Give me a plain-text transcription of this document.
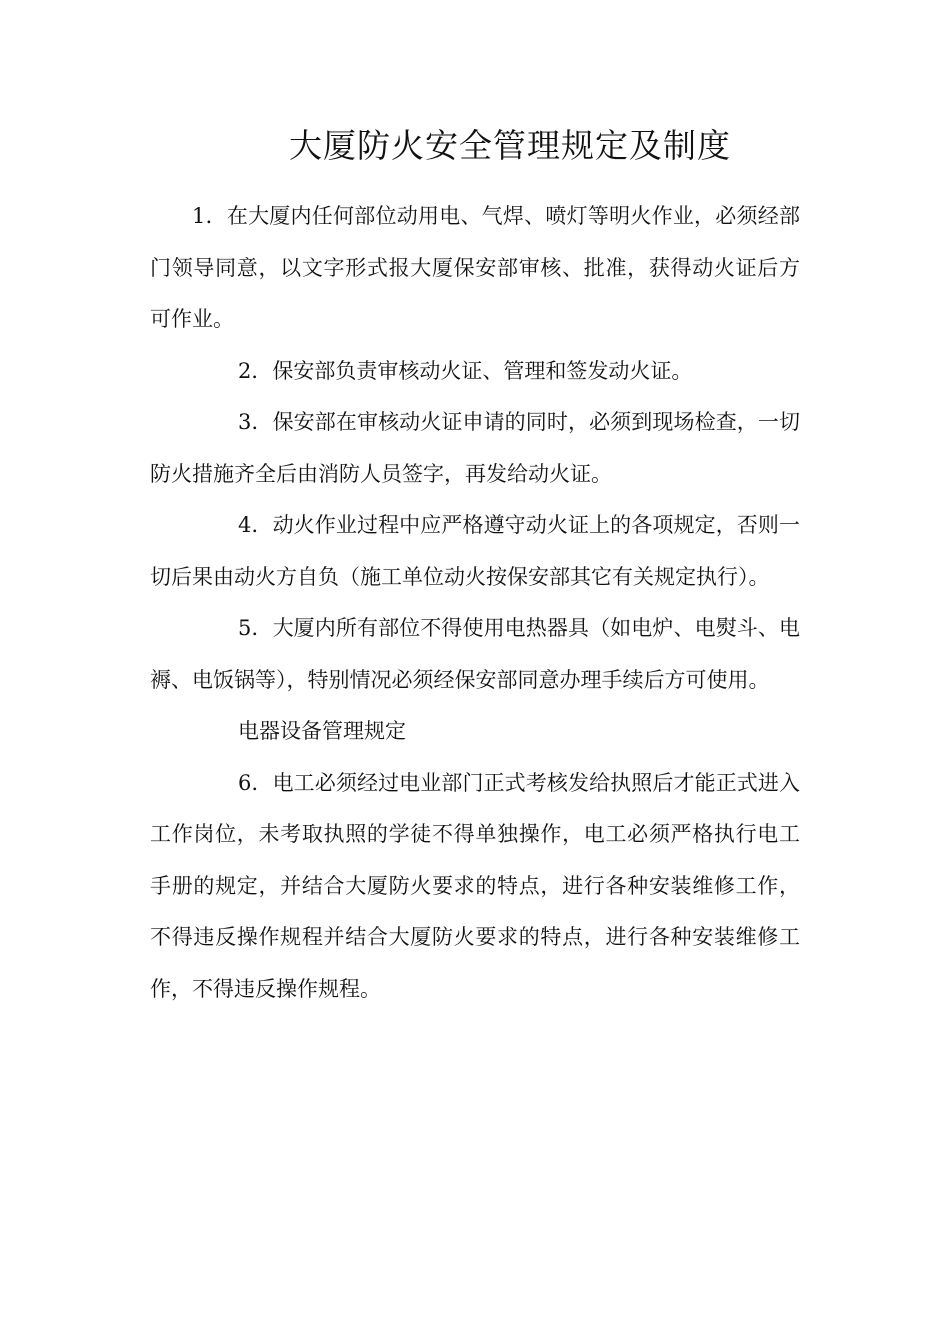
大厦防火安全管理规定及制度

1．在大厦内任何部位动用电、气焊、喷灯等明火作业，必须经部门领导同意，以文字形式报大厦保安部审核、批准，获得动火证后方可作业。

2．保安部负责审核动火证、管理和签发动火证。

3．保安部在审核动火证申请的同时，必须到现场检查，一切防火措施齐全后由消防人员签字，再发给动火证。

4．动火作业过程中应严格遵守动火证上的各项规定，否则一切后果由动火方自负（施工单位动火按保安部其它有关规定执行）。

5．大厦内所有部位不得使用电热器具（如电炉、电熨斗、电褥、电饭锅等），特别情况必须经保安部同意办理手续后方可使用。

电器设备管理规定

6．电工必须经过电业部门正式考核发给执照后才能正式进入工作岗位，未考取执照的学徒不得单独操作，电工必须严格执行电工手册的规定，并结合大厦防火要求的特点，进行各种安装维修工作，不得违反操作规程并结合大厦防火要求的特点，进行各种安装维修工作，不得违反操作规程。
